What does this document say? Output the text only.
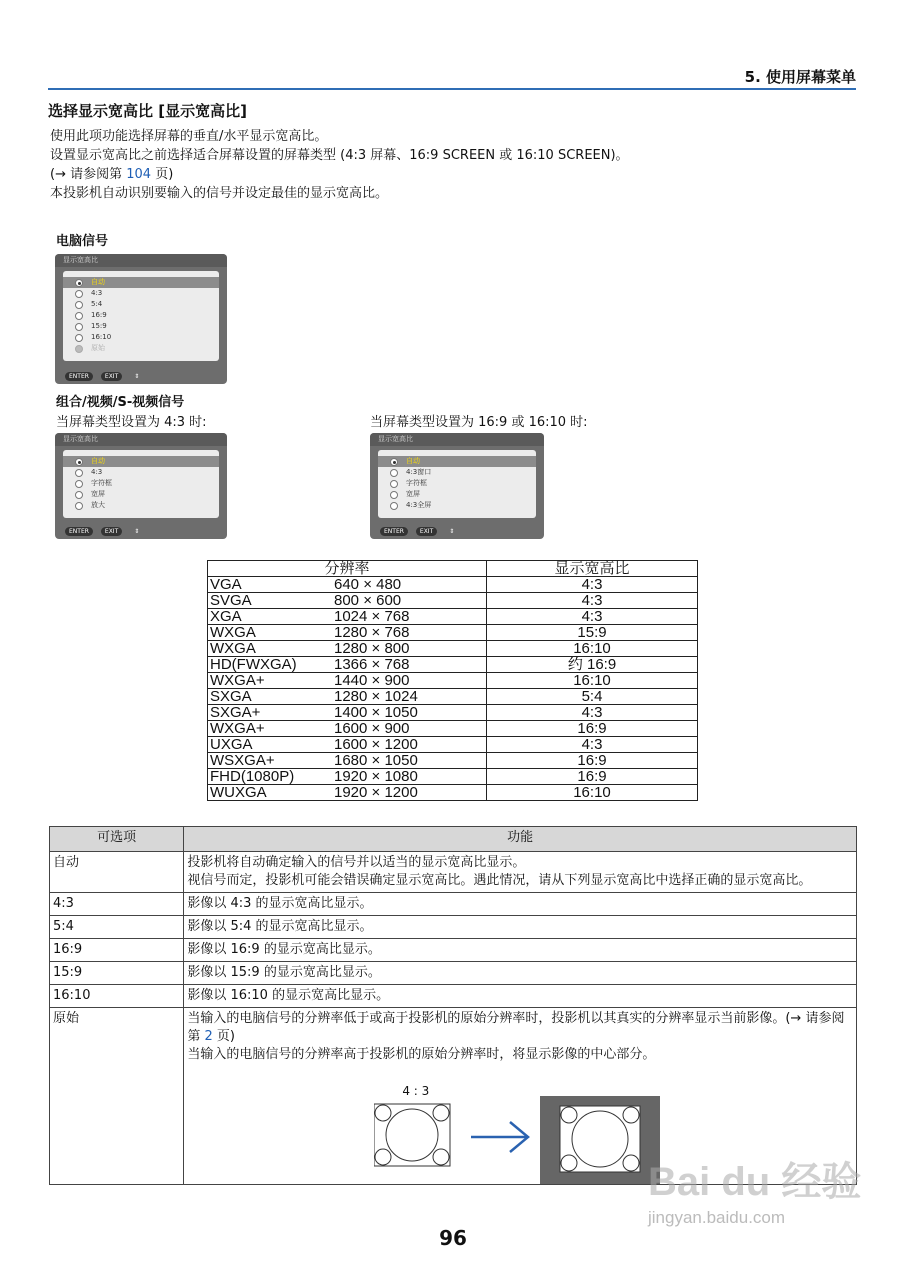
5. 使用屏幕菜单
选择显示宽高比 [显示宽高比]
使用此项功能选择屏幕的垂直/水平显示宽高比。
设置显示宽高比之前选择适合屏幕设置的屏幕类型 (4:3 屏幕、16:9 SCREEN 或 16:10 SCREEN)。
(→ 请参阅第 104 页)
本投影机自动识别要输入的信号并设定最佳的显示宽高比。
电脑信号
显示宽高比
自动
4:3
5:4
16:9
15:9
16:10
原始
ENTER	EXIT	⇕
组合/视频/S-视频信号
当屏幕类型设置为 4:3 时:	当屏幕类型设置为 16:9 或 16:10 时:
显示宽高比
自动
4:3
字符框
宽屏
放大
ENTER	EXIT	⇕
显示宽高比
自动
4:3窗口
字符框
宽屏
4:3全屏
ENTER	EXIT	⇕
分辨率		显示宽高比
VGA	640 × 480	4:3
SVGA	800 × 600	4:3
XGA	1024 × 768	4:3
WXGA	1280 × 768	15:9
WXGA	1280 × 800	16:10
HD(FWXGA)	1366 × 768	约 16:9
WXGA+	1440 × 900	16:10
SXGA	1280 × 1024	5:4
SXGA+	1400 × 1050	4:3
WXGA+	1600 × 900	16:9
UXGA	1600 × 1200	4:3
WSXGA+	1680 × 1050	16:9
FHD(1080P)	1920 × 1080	16:9
WUXGA	1920 × 1200	16:10
可选项	功能
自动	投影机将自动确定输入的信号并以适当的显示宽高比显示。
视信号而定，投影机可能会错误确定显示宽高比。遇此情况，请从下列显示宽高比中选择正确的显示宽高比。

4:3	影像以 4:3 的显示宽高比显示。
5:4	影像以 5:4 的显示宽高比显示。
16:9	影像以 16:9 的显示宽高比显示。
15:9	影像以 15:9 的显示宽高比显示。
16:10	影像以 16:10 的显示宽高比显示。
原始	当输入的电脑信号的分辨率低于或高于投影机的原始分辨率时，投影机以其真实的分辨率显示当前影像。(→ 请参阅第 2 页)
当输入的电脑信号的分辨率高于投影机的原始分辨率时，将显示影像的中心部分。
4 : 3
Bai du 经验
jingyan.baidu.com
96
